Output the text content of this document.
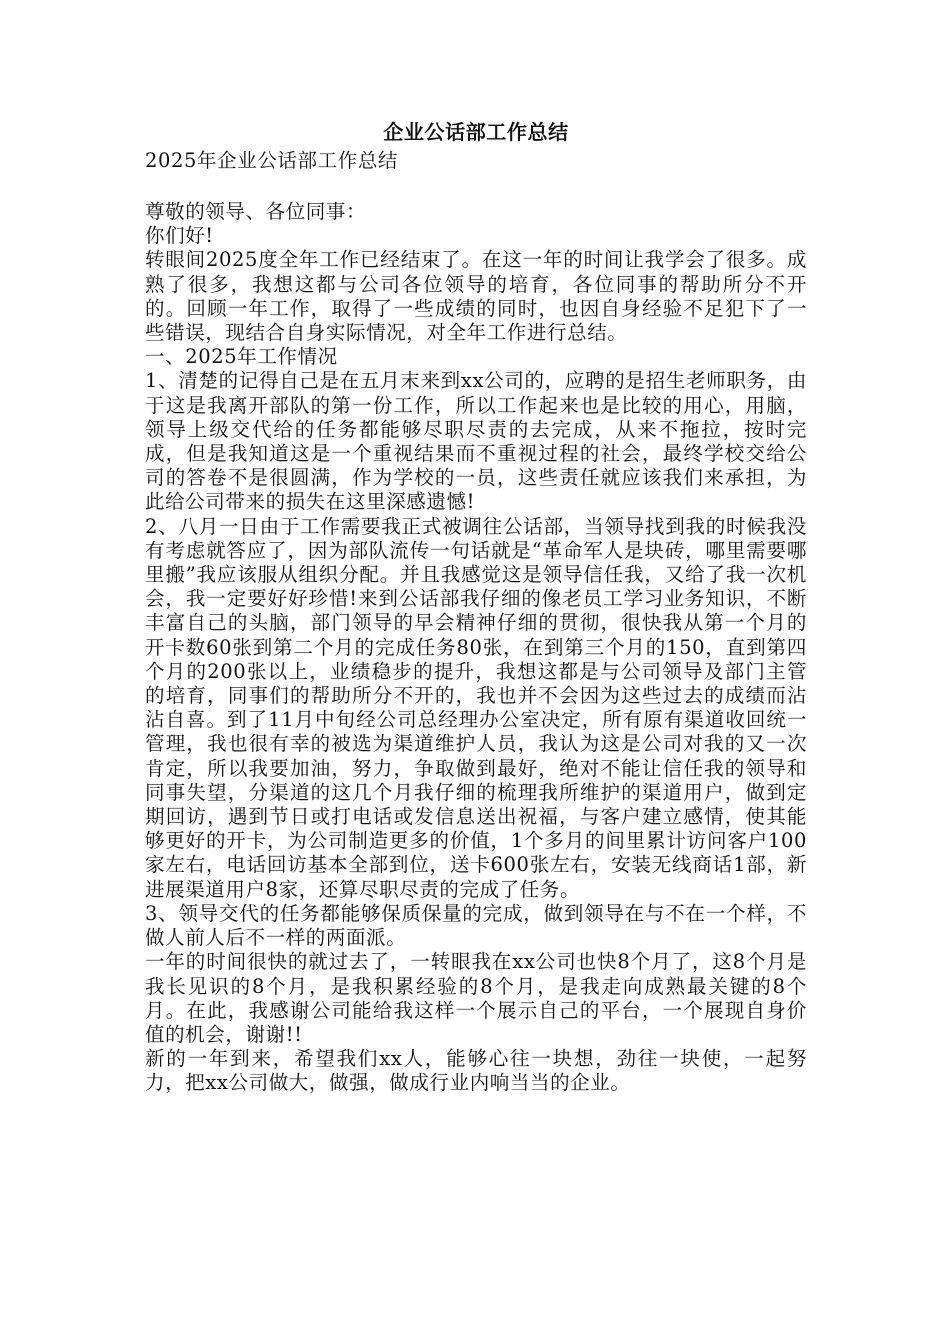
企业公话部工作总结

2025年企业公话部工作总结

尊敬的领导、各位同事：

你们好!

转眼间2025度全年工作已经结束了。在这一年的时间让我学会了很多。成熟了很多，我想这都与公司各位领导的培育，各位同事的帮助所分不开的。回顾一年工作，取得了一些成绩的同时，也因自身经验不足犯下了一些错误，现结合自身实际情况，对全年工作进行总结。

一、2025年工作情况

1、清楚的记得自己是在五月末来到xx公司的，应聘的是招生老师职务，由于这是我离开部队的第一份工作，所以工作起来也是比较的用心，用脑，领导上级交代给的任务都能够尽职尽责的去完成，从来不拖拉，按时完成，但是我知道这是一个重视结果而不重视过程的社会，最终学校交给公司的答卷不是很圆满，作为学校的一员，这些责任就应该我们来承担，为此给公司带来的损失在这里深感遗憾!

2、八月一日由于工作需要我正式被调往公话部，当领导找到我的时候我没有考虑就答应了，因为部队流传一句话就是“革命军人是块砖，哪里需要哪里搬”我应该服从组织分配。并且我感觉这是领导信任我，又给了我一次机会，我一定要好好珍惜!来到公话部我仔细的像老员工学习业务知识，不断丰富自己的头脑，部门领导的早会精神仔细的贯彻，很快我从第一个月的开卡数60张到第二个月的完成任务80张，在到第三个月的150，直到第四个月的200张以上，业绩稳步的提升，我想这都是与公司领导及部门主管的培育，同事们的帮助所分不开的，我也并不会因为这些过去的成绩而沾沾自喜。到了11月中旬经公司总经理办公室决定，所有原有渠道收回统一管理，我也很有幸的被选为渠道维护人员，我认为这是公司对我的又一次肯定，所以我要加油，努力，争取做到最好，绝对不能让信任我的领导和同事失望，分渠道的这几个月我仔细的梳理我所维护的渠道用户，做到定期回访，遇到节日或打电话或发信息送出祝福，与客户建立感情，使其能够更好的开卡，为公司制造更多的价值，1个多月的间里累计访问客户100家左右，电话回访基本全部到位，送卡600张左右，安装无线商话1部，新进展渠道用户8家，还算尽职尽责的完成了任务。

3、领导交代的任务都能够保质保量的完成，做到领导在与不在一个样，不做人前人后不一样的两面派。

一年的时间很快的就过去了，一转眼我在xx公司也快8个月了，这8个月是我长见识的8个月，是我积累经验的8个月，是我走向成熟最关键的8个月。在此，我感谢公司能给我这样一个展示自己的平台，一个展现自身价值的机会，谢谢!!

新的一年到来，希望我们xx人，能够心往一块想，劲往一块使，一起努力，把xx公司做大，做强，做成行业内响当当的企业。
